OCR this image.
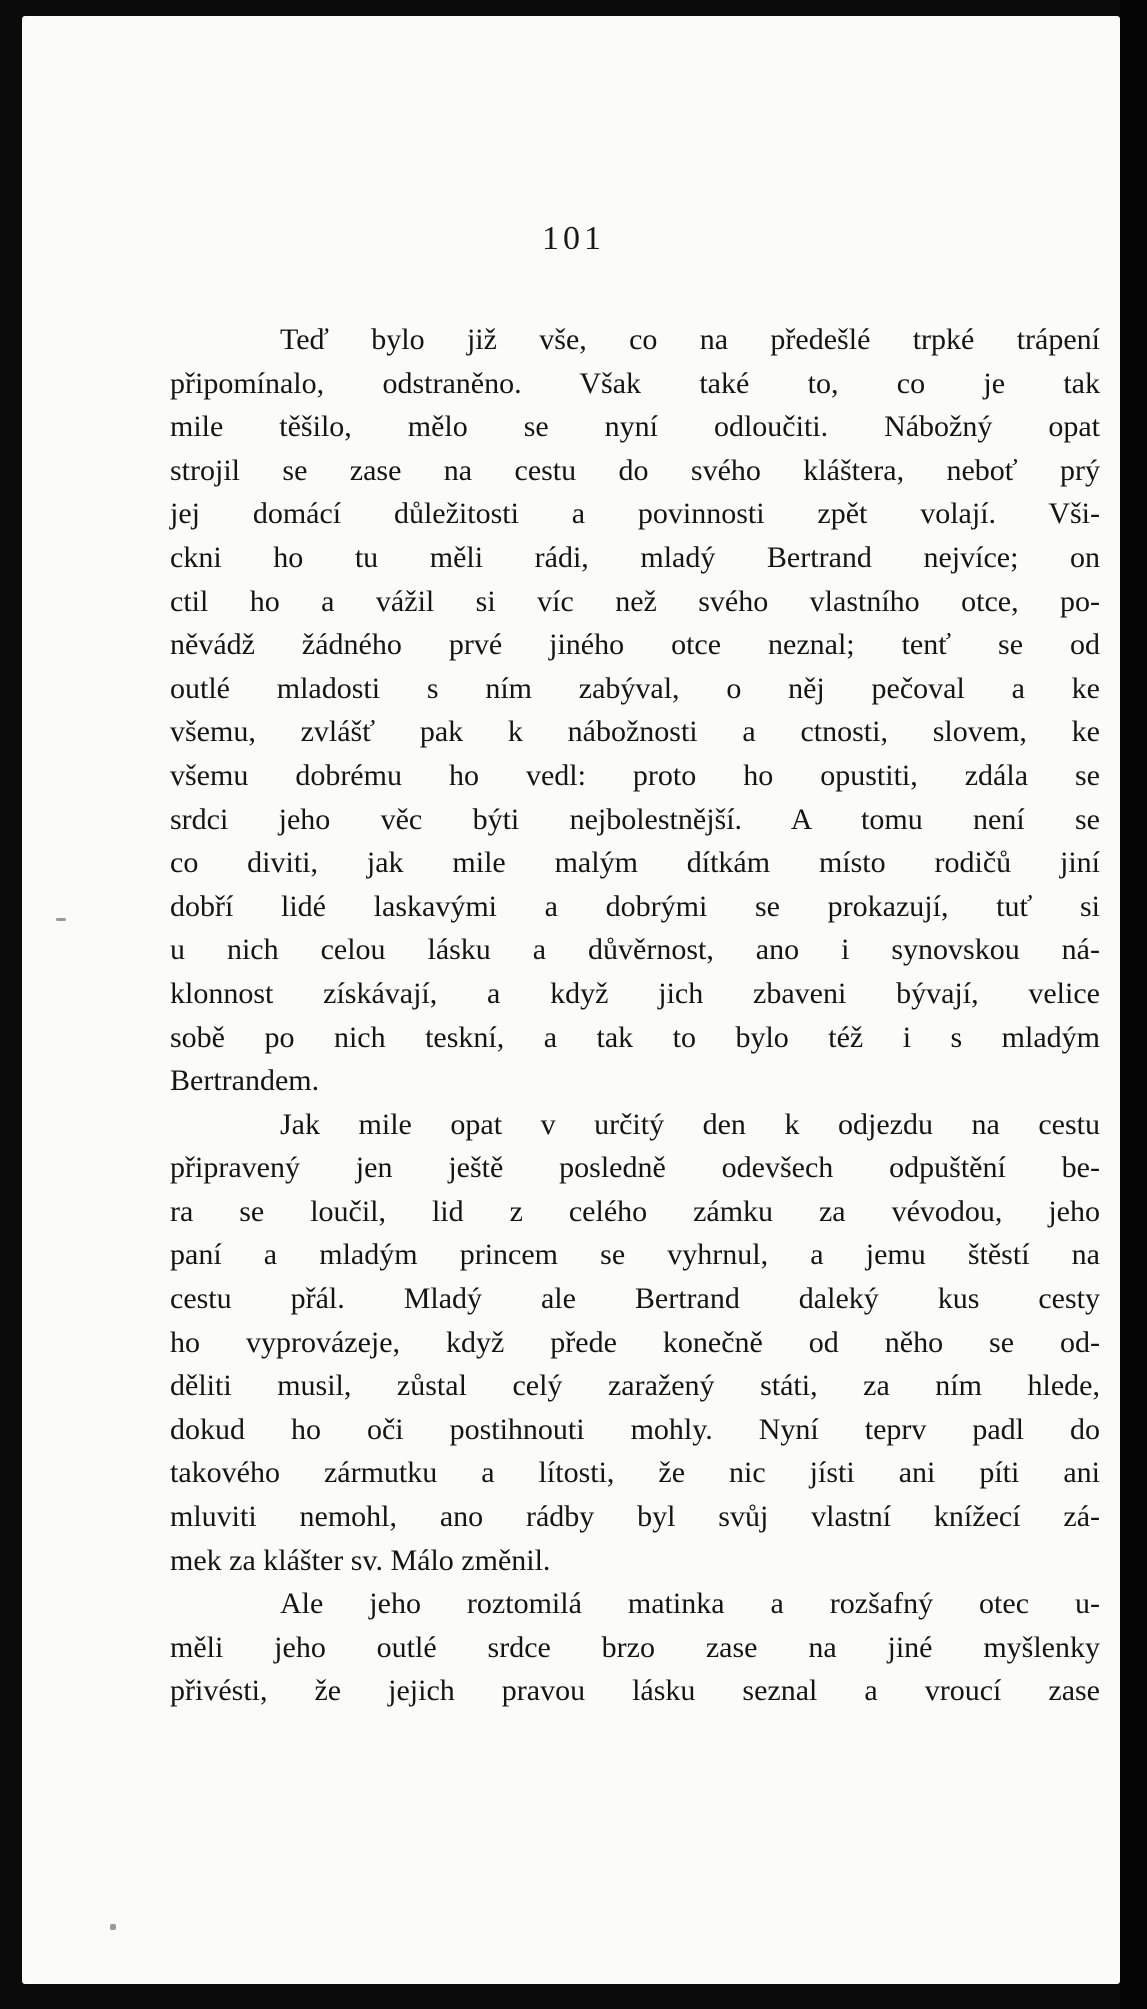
101
Teď bylo již vše, co na předešlé trpké trápení
připomínalo, odstraněno. Však také to, co je tak
mile těšilo, mělo se nyní odloučiti. Nábožný opat
strojil se zase na cestu do svého kláštera, neboť prý
jej domácí důležitosti a povinnosti zpět volají. Vši-
ckni ho tu měli rádi, mladý Bertrand nejvíce; on
ctil ho a vážil si víc než svého vlastního otce, po-
něvádž žádného prvé jiného otce neznal; tenť se od
outlé mladosti s ním zabýval, o něj pečoval a ke
všemu, zvlášť pak k nábožnosti a ctnosti, slovem, ke
všemu dobrému ho vedl: proto ho opustiti, zdála se
srdci jeho věc býti nejbolestnější. A tomu není se
co diviti, jak mile malým dítkám místo rodičů jiní
dobří lidé laskavými a dobrými se prokazují, tuť si
u nich celou lásku a důvěrnost, ano i synovskou ná-
klonnost získávají, a když jich zbaveni bývají, velice
sobě po nich teskní, a tak to bylo též i s mladým
Bertrandem.
Jak mile opat v určitý den k odjezdu na cestu
připravený jen ještě posledně odevšech odpuštění be-
ra se loučil, lid z celého zámku za vévodou, jeho
paní a mladým princem se vyhrnul, a jemu štěstí na
cestu přál. Mladý ale Bertrand daleký kus cesty
ho vyprovázeje, když přede konečně od něho se od-
děliti musil, zůstal celý zaražený státi, za ním hlede,
dokud ho oči postihnouti mohly. Nyní teprv padl do
takového zármutku a lítosti, že nic jísti ani píti ani
mluviti nemohl, ano rádby byl svůj vlastní knížecí zá-
mek za klášter sv. Málo změnil.
Ale jeho roztomilá matinka a rozšafný otec u-
měli jeho outlé srdce brzo zase na jiné myšlenky
přivésti, že jejich pravou lásku seznal a vroucí zase
